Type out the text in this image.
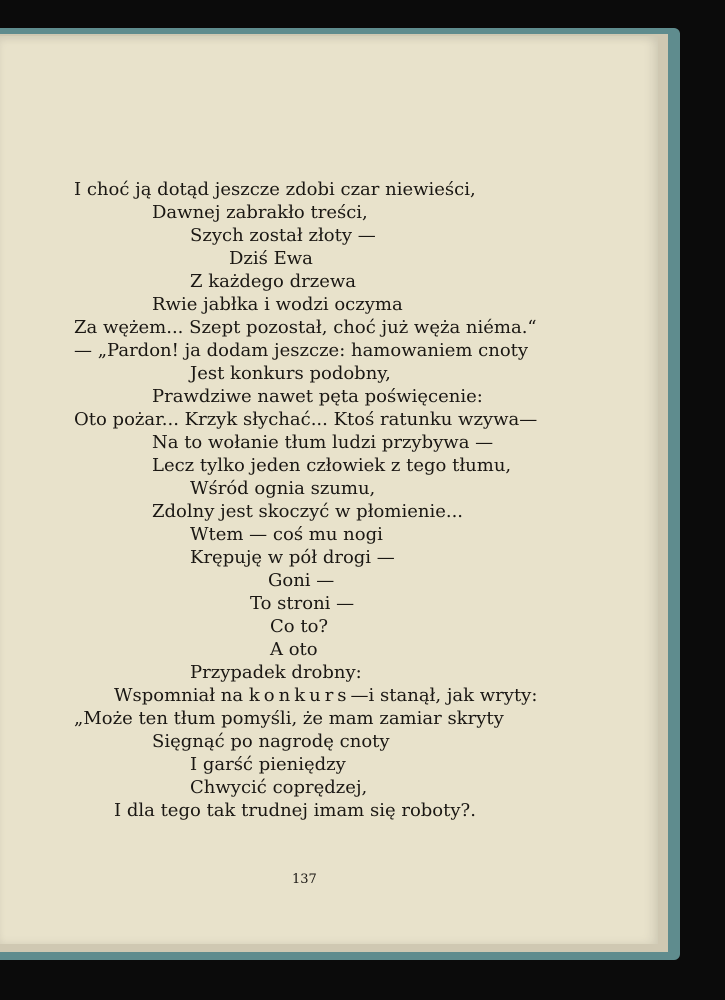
I choć ją dotąd jeszcze zdobi czar niewieści,
Dawnej zabrakło treści,
Szych został złoty —
Dziś Ewa
Z każdego drzewa
Rwie jabłka i wodzi oczyma
Za wężem... Szept pozostał, choć już węża niéma.“
— „Pardon! ja dodam jeszcze: hamowaniem cnoty
Jest konkurs podobny,
Prawdziwe nawet pęta poświęcenie:
Oto pożar... Krzyk słychać... Ktoś ratunku wzywa—
Na to wołanie tłum ludzi przybywa —
Lecz tylko jeden człowiek z tego tłumu,
Wśród ognia szumu,
Zdolny jest skoczyć w płomienie...
Wtem — coś mu nogi
Krępuję w pół drogi —
Goni —
To stroni —
Co to?
A oto
Przypadek drobny:
Wspomniał na konkurs—i stanął, jak wryty:
„Może ten tłum pomyśli, że mam zamiar skryty
Sięgnąć po nagrodę cnoty
I garść pieniędzy
Chwycić coprędzej,
I dla tego tak trudnej imam się roboty?.
137
